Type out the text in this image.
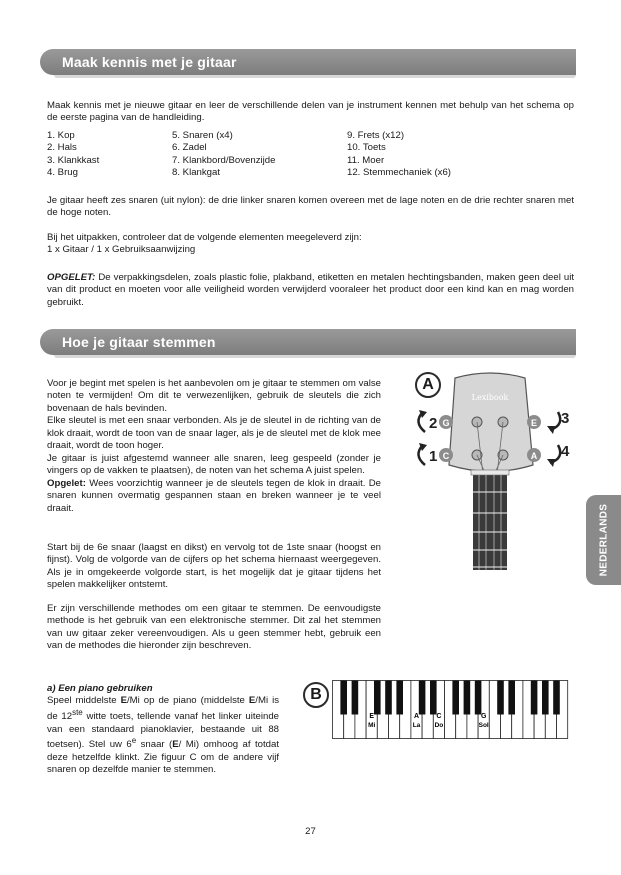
Maak kennis met je gitaar
Maak kennis met je nieuwe gitaar en leer de verschillende delen van je instrument kennen met behulp van het schema op de eerste pagina van de handleiding.
1. Kop
2. Hals
3. Klankkast
4. Brug
5. Snaren (x4)
6. Zadel
7. Klankbord/Bovenzijde
8. Klankgat
9. Frets (x12)
10. Toets
11. Moer
12. Stemmechaniek (x6)
Je gitaar heeft zes snaren (uit nylon): de drie linker snaren komen overeen met de lage noten en de drie rechter snaren met de hoge noten.
Bij het uitpakken, controleer dat de volgende elementen meegeleverd zijn:
1 x Gitaar / 1 x Gebruiksaanwijzing
OPGELET: De verpakkingsdelen, zoals plastic folie, plakband, etiketten en metalen hechtingsbanden, maken geen deel uit van dit product en moeten voor alle veiligheid worden verwijderd vooraleer het product door een kind kan en mag worden gebruikt.
Hoe je gitaar stemmen

Voor je begint met spelen is het aanbevolen om je gitaar te stemmen om valse noten te vermijden! Om dit te verwezenlijken, gebruik de sleutels die zich bovenaan de hals bevinden.

Elke sleutel is met een snaar verbonden. Als je de sleutel in de richting van de klok draait, wordt de toon van de snaar lager, als je de sleutel met de klok mee draait, wordt de toon hoger.

Je gitaar is juist afgestemd wanneer alle snaren, leeg gespeeld (zonder je vingers op de vakken te plaatsen), de noten van het schema A juist spelen.

Opgelet: Wees voorzichtig wanneer je de sleutels tegen de klok in draait. De snaren kunnen overmatig gespannen staan en breken wanneer je te veel draait.

Start bij de 6e snaar (laagst en dikst) en vervolg tot de 1ste snaar (hoogst en fijnst). Volg de volgorde van de cijfers op het schema hiernaast weergegeven. Als je in omgekeerde volgorde start, is het mogelijk dat je gitaar tijdens het spelen makkelijker ontstemt.
Er zijn verschillende methodes om een gitaar te stemmen. De eenvoudigste methode is het gebruik van een elektronische stemmer. Dit zal het stemmen van uw gitaar zeker vereenvoudigen. Als u geen stemmer hebt, gebruik een van de methodes die hieronder zijn beschreven.
a) Een piano gebruiken

Speel middelste E/Mi op de piano (middelste E/Mi is de 12ste witte toets, tellende vanaf het linker uiteinde van een standaard pianoklavier, bestaande uit 88 toetsen). Stel uw 6e snaar (E/ Mi) omhoog af totdat deze hetzelfde klinkt. Zie figuur C om de andere vijf snaren op dezelfde manier te stemmen.

A
Lexibook
G
C
E
A
2
1
3
4
B
E
Mi
A
La
C
Do
G
Sol
NEDERLANDS
27
